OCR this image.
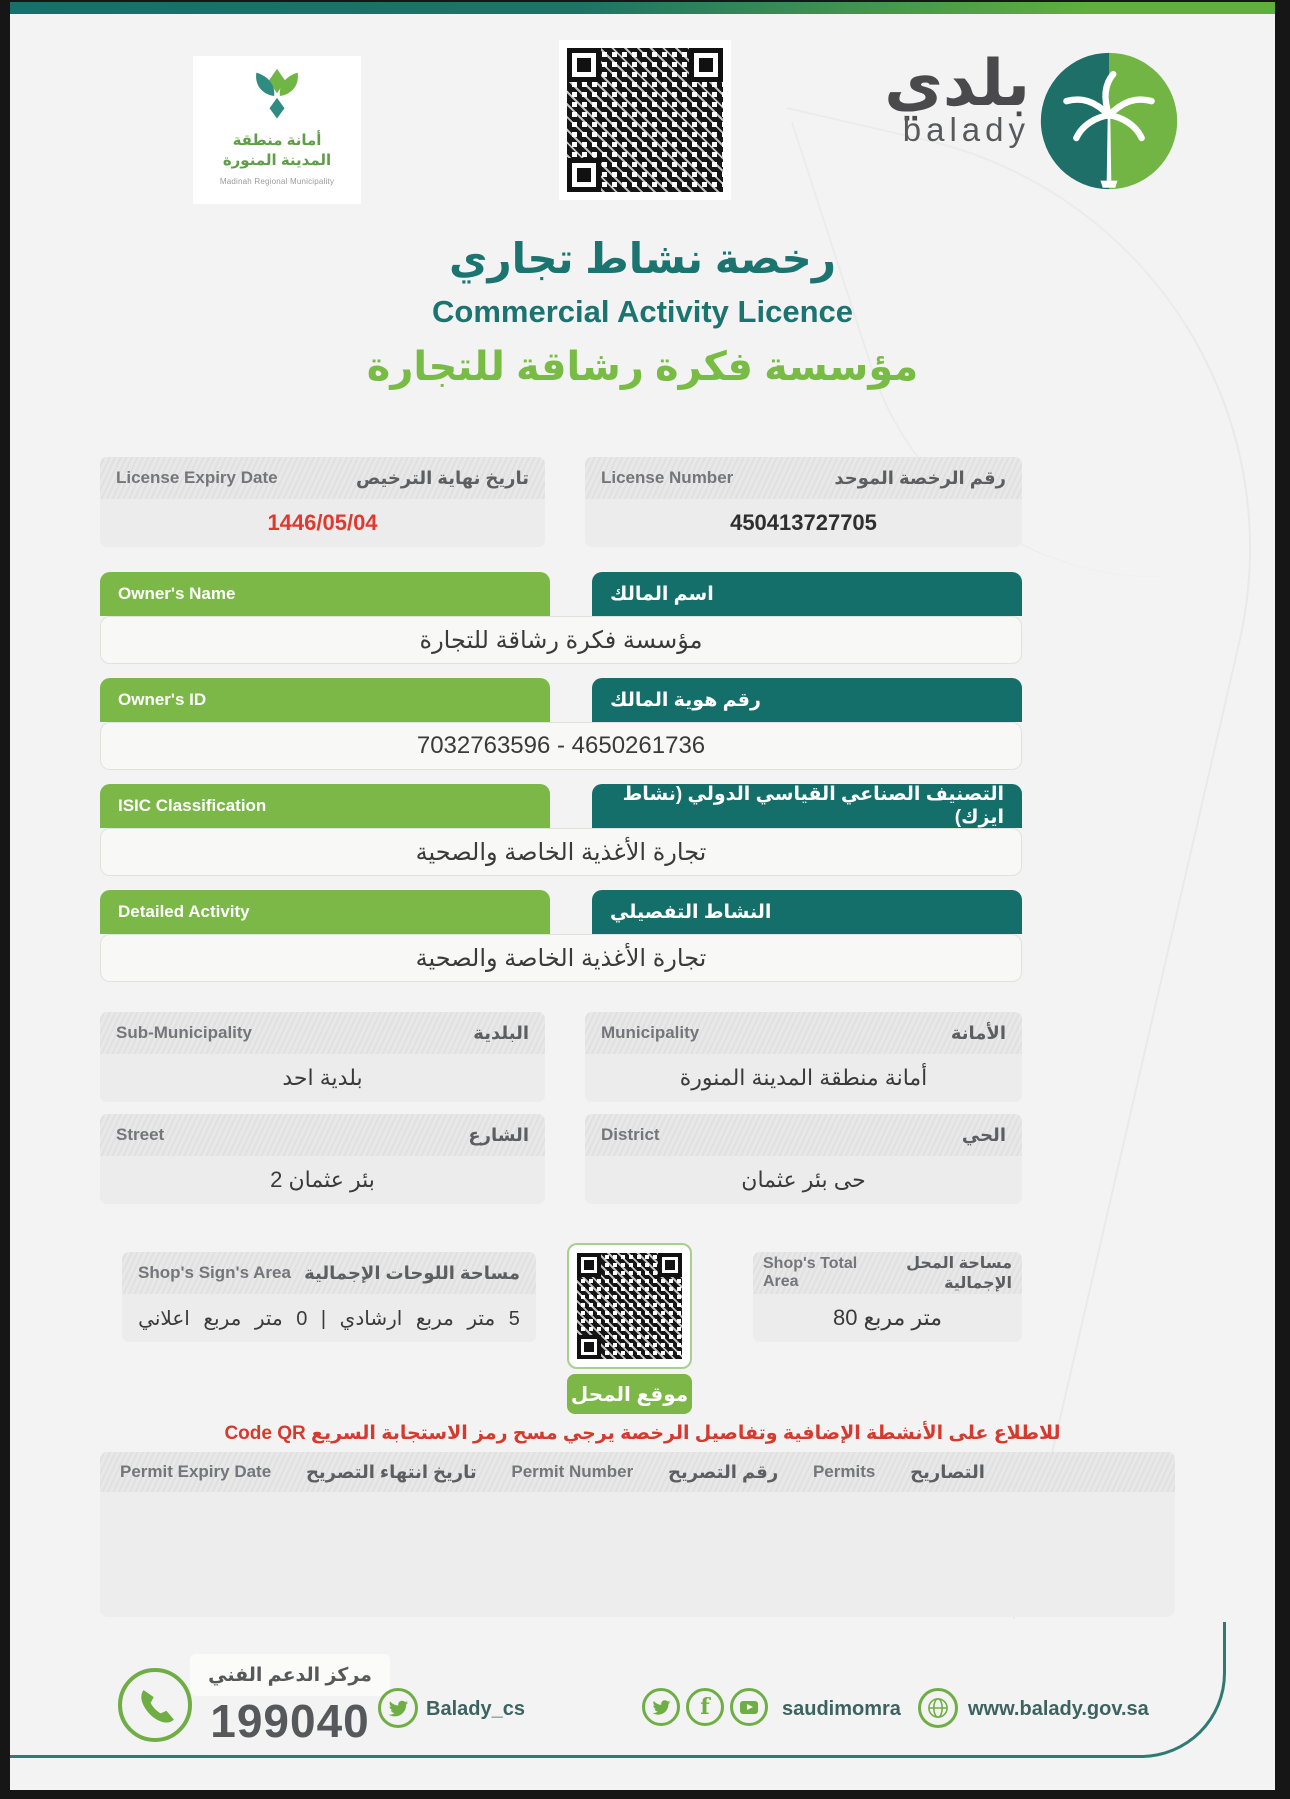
أمانة منطقة
المدينة المنورة
Madinah Regional Municipality
بلدي
balady
رخصة نشاط تجاري
Commercial Activity Licence
مؤسسة فكرة رشاقة للتجارة
License Expiry Date	تاريخ نهاية الترخيص
1446/05/04
License Number	رقم الرخصة الموحد
450413727705
Owner's Name	اسم المالك
مؤسسة فكرة رشاقة للتجارة
Owner's ID	رقم هوية المالك
7032763596 - 4650261736
ISIC Classification
التصنيف الصناعي القياسي الدولي (نشاط ايزك)
تجارة الأغذية الخاصة والصحية
Detailed Activity	النشاط التفصيلي
تجارة الأغذية الخاصة والصحية
Sub-Municipality	البلدية
بلدية احد
Municipality	الأمانة
أمانة منطقة المدينة المنورة
Street	الشارع
بئر عثمان 2
District	الحي
حى بئر عثمان
Shop's Sign's Area مساحة اللوحات الإجمالية
5 متر مربع ارشادي | 0 متر مربع اعلاني
موقع المحل
Shop's Total Area
مساحة المحل الإجمالية
80 متر مربع
للاطلاع على الأنشطة الإضافية وتفاصيل الرخصة يرجي مسح رمز الاستجابة السريع Code QR
Permit Expiry Date تاريخ انتهاء التصريح Permit Number رقم التصريح Permits التصاريح
مركز الدعم الفني
199040	Balady_cs	f	saudimomra	www.balady.gov.sa
